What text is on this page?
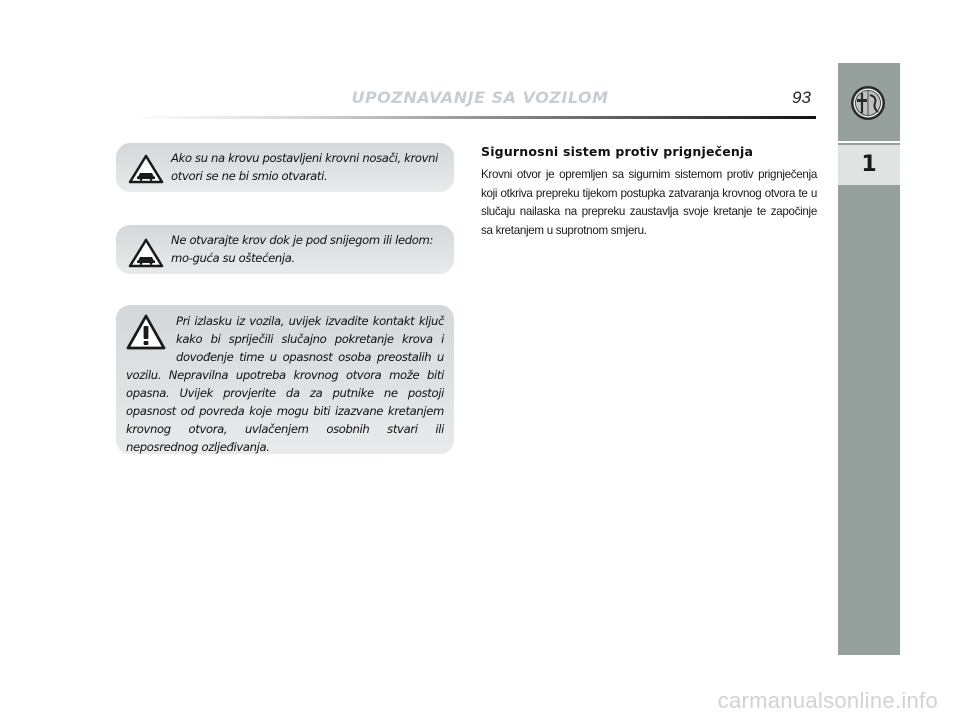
UPOZNAVANJE SA VOZILOM	93
1
Ako su na krovu postavljeni krovni nosači, krovni otvori se ne bi smio otvarati.
Ne otvarajte krov dok je pod snijegom ili ledom: mo-guća su oštećenja.
Pri izlasku iz vozila, uvijek izvadite kontakt ključ kako bi spriječili slučajno pokretanje krova i dovođenje time u opasnost osoba preostalih u vozilu. Nepravilna upotreba krovnog otvora može biti opasna. Uvijek provjerite da za putnike ne postoji opasnost od povreda koje mogu biti izazvane kretanjem krovnog otvora, uvlačenjem osobnih stvari ili neposrednog ozljeđivanja.
Sigurnosni sistem protiv prignječenja
Krovni otvor je opremljen sa sigurnim sistemom protiv prignječenja koji otkriva prepreku tijekom postupka zatvaranja krovnog otvora te u slučaju nailaska na prepreku zaustavlja svoje kretanje te započinje sa kretanjem u suprotnom smjeru.
carmanualsonline.info
